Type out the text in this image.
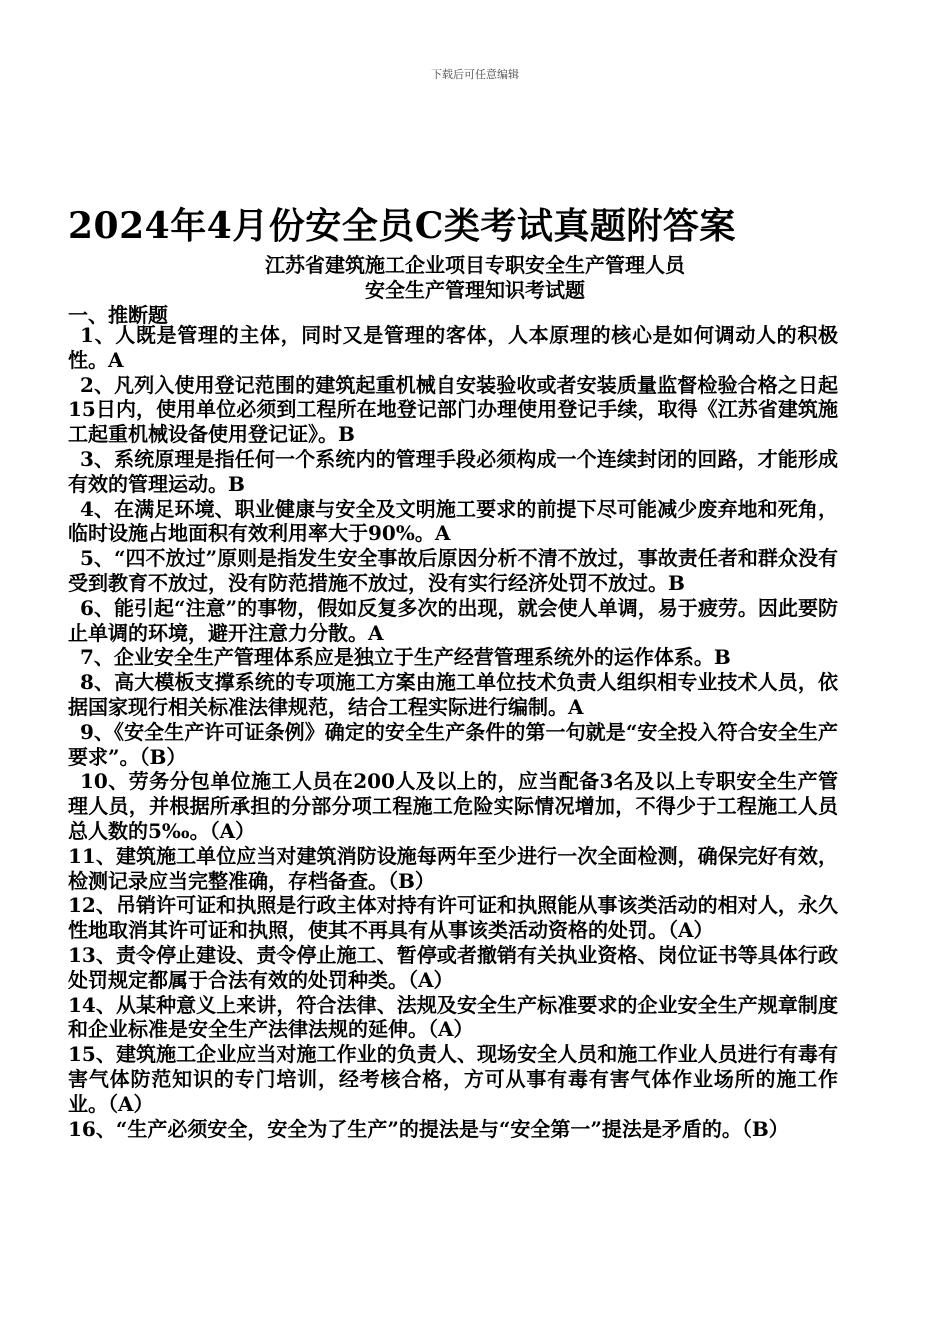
下载后可任意编辑
2024年4月份安全员C类考试真题附答案
江苏省建筑施工企业项目专职安全生产管理人员
安全生产管理知识考试题
一、推断题

1、人既是管理的主体，同时又是管理的客体，人本原理的核心是如何调动人的积极性。A

2、凡列入使用登记范围的建筑起重机械自安装验收或者安装质量监督检验合格之日起15日内，使用单位必须到工程所在地登记部门办理使用登记手续，取得《江苏省建筑施工起重机械设备使用登记证》。B

3、系统原理是指任何一个系统内的管理手段必须构成一个连续封闭的回路，才能形成有效的管理运动。B

4、在满足环境、职业健康与安全及文明施工要求的前提下尽可能减少废弃地和死角，临时设施占地面积有效利用率大于90%。A

5、“四不放过”原则是指发生安全事故后原因分析不清不放过，事故责任者和群众没有受到教育不放过，没有防范措施不放过，没有实行经济处罚不放过。B

6、能引起“注意”的事物，假如反复多次的出现，就会使人单调，易于疲劳。因此要防止单调的环境，避开注意力分散。A

7、企业安全生产管理体系应是独立于生产经营管理系统外的运作体系。B

8、高大模板支撑系统的专项施工方案由施工单位技术负责人组织相专业技术人员，依据国家现行相关标准法律规范，结合工程实际进行编制。A

9、《安全生产许可证条例》确定的安全生产条件的第一句就是“安全投入符合安全生产要求”。（B）

10、劳务分包单位施工人员在200人及以上的，应当配备3名及以上专职安全生产管理人员，并根据所承担的分部分项工程施工危险实际情况增加，不得少于工程施工人员总人数的5‰。（A）

11、建筑施工单位应当对建筑消防设施每两年至少进行一次全面检测，确保完好有效，检测记录应当完整准确，存档备查。（B）

12、吊销许可证和执照是行政主体对持有许可证和执照能从事该类活动的相对人，永久性地取消其许可证和执照，使其不再具有从事该类活动资格的处罚。（A）

13、责令停止建设、责令停止施工、暂停或者撤销有关执业资格、岗位证书等具体行政处罚规定都属于合法有效的处罚种类。（A）

14、从某种意义上来讲，符合法律、法规及安全生产标准要求的企业安全生产规章制度和企业标准是安全生产法律法规的延伸。（A）

15、建筑施工企业应当对施工作业的负责人、现场安全人员和施工作业人员进行有毒有害气体防范知识的专门培训，经考核合格，方可从事有毒有害气体作业场所的施工作业。（A）

16、“生产必须安全，安全为了生产”的提法是与“安全第一”提法是矛盾的。（B）
